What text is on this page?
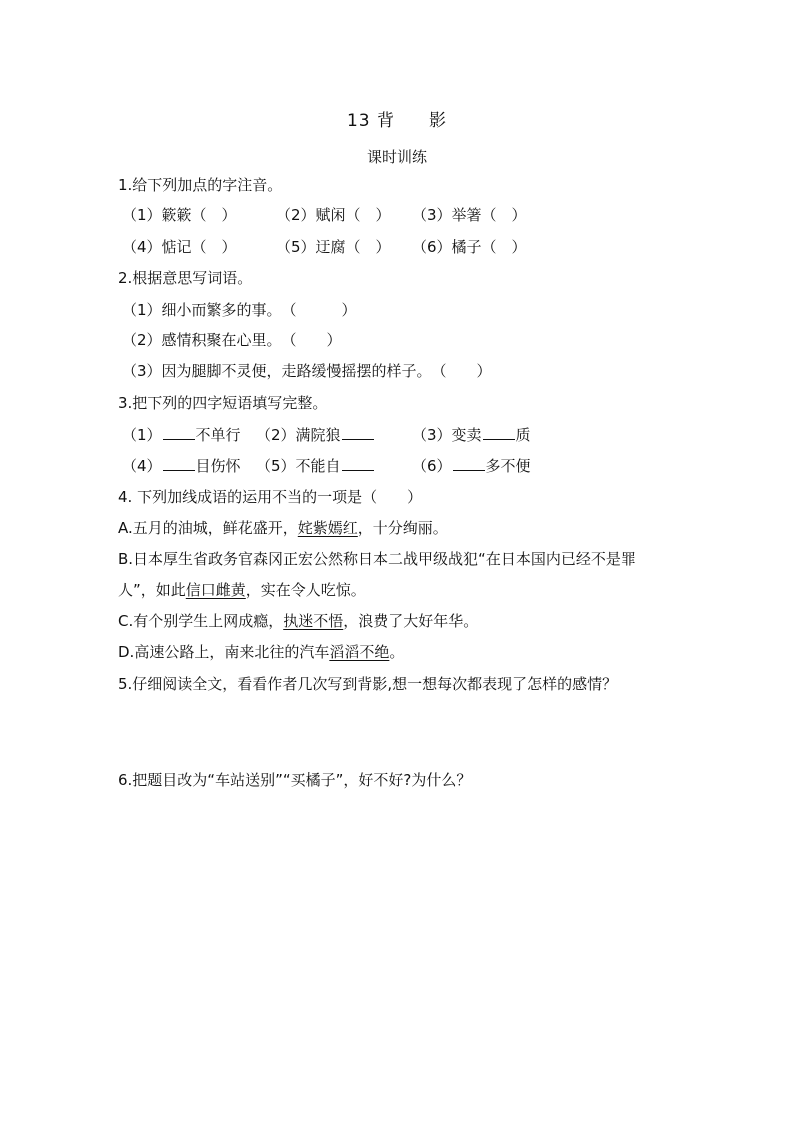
13 背 影
课时训练
1.给下列加点的字注音。
（1）簌簌（　）	（2）赋闲（　） （3）举箸（　）
（4）惦记（　）	（5）迂腐（　） （6）橘子（　）
2.根据意思写词语。
（1）细小而繁多的事。　（　　　）
（2）感情积聚在心里。　（　　）
（3）因为腿脚不灵便，走路缓慢摇摆的样子。　（　　）
3.把下列的四字短语填写完整。
（1） 不单行 （2）满院狼	（3）变卖 质
（4） 目伤怀 （5）不能自	（6） 多不便
4. 下列加线成语的运用不当的一项是（　　）
A.五月的油城，鲜花盛开，姹紫嫣红，十分绚丽。
B.日本厚生省政务官森冈正宏公然称日本二战甲级战犯“在日本国内已经不是罪
人”，如此信口雌黄，实在令人吃惊。
C.有个别学生上网成瘾，执迷不悟，浪费了大好年华。
D.高速公路上，南来北往的汽车滔滔不绝。
5.仔细阅读全文，看看作者几次写到背影,想一想每次都表现了怎样的感情？
6.把题目改为“车站送别”“买橘子”，好不好?为什么？
